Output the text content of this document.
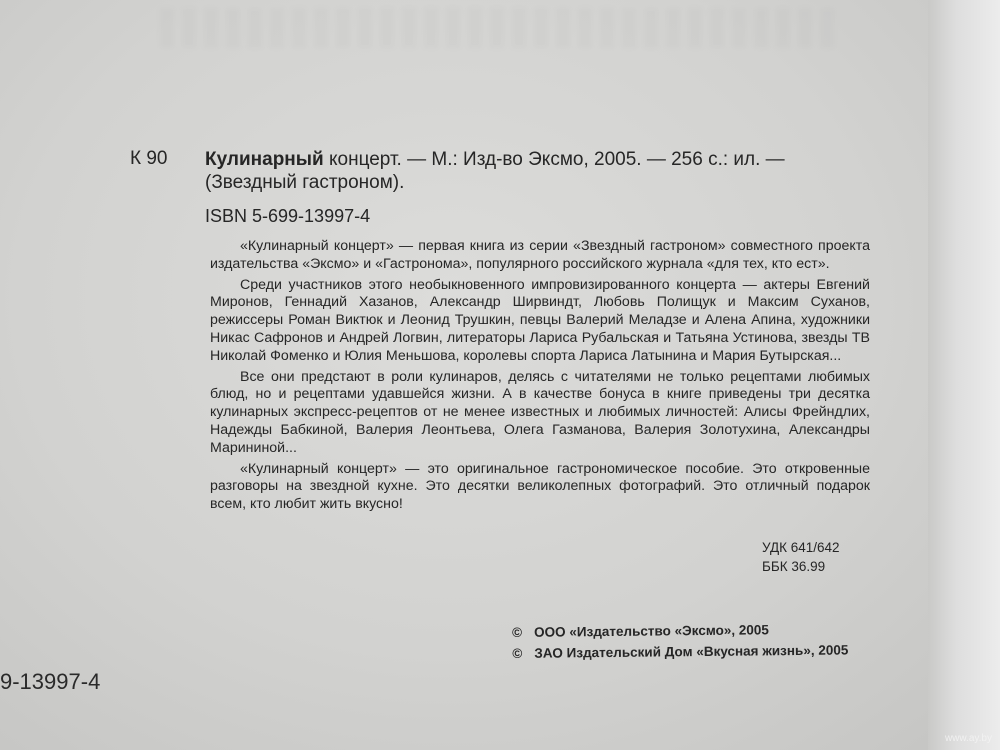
К 90 Кулинарный концерт. — М.: Изд-во Эксмо, 2005. — 256 с.: ил. — (Звездный гастроном).
ISBN 5-699-13997-4

«Кулинарный концерт» — первая книга из серии «Звездный гастроном» совместного проекта издательства «Эксмо» и «Гастронома», популярного российского журнала «для тех, кто ест».

Среди участников этого необыкновенного импровизированного концерта — актеры Евгений Миронов, Геннадий Хазанов, Александр Ширвиндт, Любовь Полищук и Максим Суханов, режиссеры Роман Виктюк и Леонид Трушкин, певцы Валерий Меладзе и Алена Апина, художники Никас Сафронов и Андрей Логвин, литераторы Лариса Рубальская и Татьяна Устинова, звезды ТВ Николай Фоменко и Юлия Меньшова, королевы спорта Лариса Латынина и Мария Бутырская...

Все они предстают в роли кулинаров, делясь с читателями не только рецептами любимых блюд, но и рецептами удавшейся жизни. А в качестве бонуса в книге приведены три десятка кулинарных экспресс-рецептов от не менее известных и любимых личностей: Алисы Фрейндлих, Надежды Бабкиной, Валерия Леонтьева, Олега Газманова, Валерия Золотухина, Александры Марининой...

«Кулинарный концерт» — это оригинальное гастрономическое пособие. Это откровенные разговоры на звездной кухне. Это десятки великолепных фотографий. Это отличный подарок всем, кто любит жить вкусно!

УДК 641/642
ББК 36.99
© ООО «Издательство «Эксмо», 2005
© ЗАО Издательский Дом «Вкусная жизнь», 2005
9-13997-4
www.ay.by
